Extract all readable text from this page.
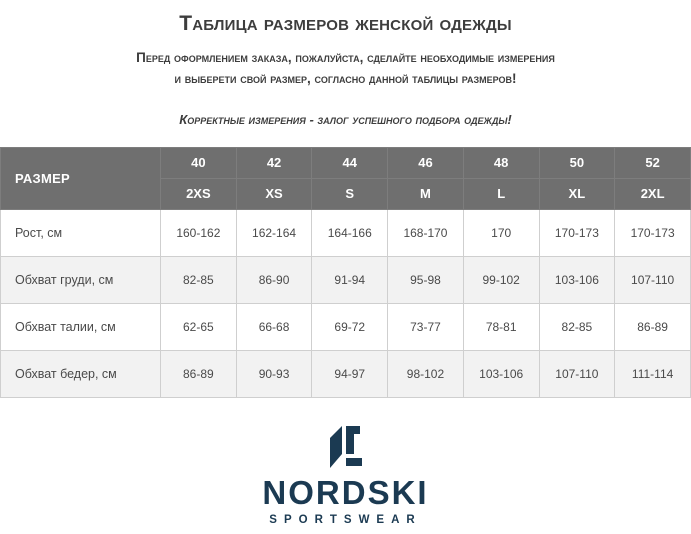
Таблица размеров женской одежды
Перед оформлением заказа, пожалуйста, сделайте необходимые измерения
и выберети свой размер, согласно данной таблицы размеров!
Корректные измерения - залог успешного подбора одежды!
РАЗМЕР	40	42	44	46	48	50	52
	2XS	XS	S	M	L	XL	2XL
Рост, см	160-162	162-164	164-166	168-170	170	170-173	170-173
Обхват груди, см	82-85	86-90	91-94	95-98	99-102	103-106	107-110
Обхват талии, см	62-65	66-68	69-72	73-77	78-81	82-85	86-89
Обхват бедер, см	86-89	90-93	94-97	98-102	103-106	107-110	111-114
NORDSKI
SPORTSWEAR
